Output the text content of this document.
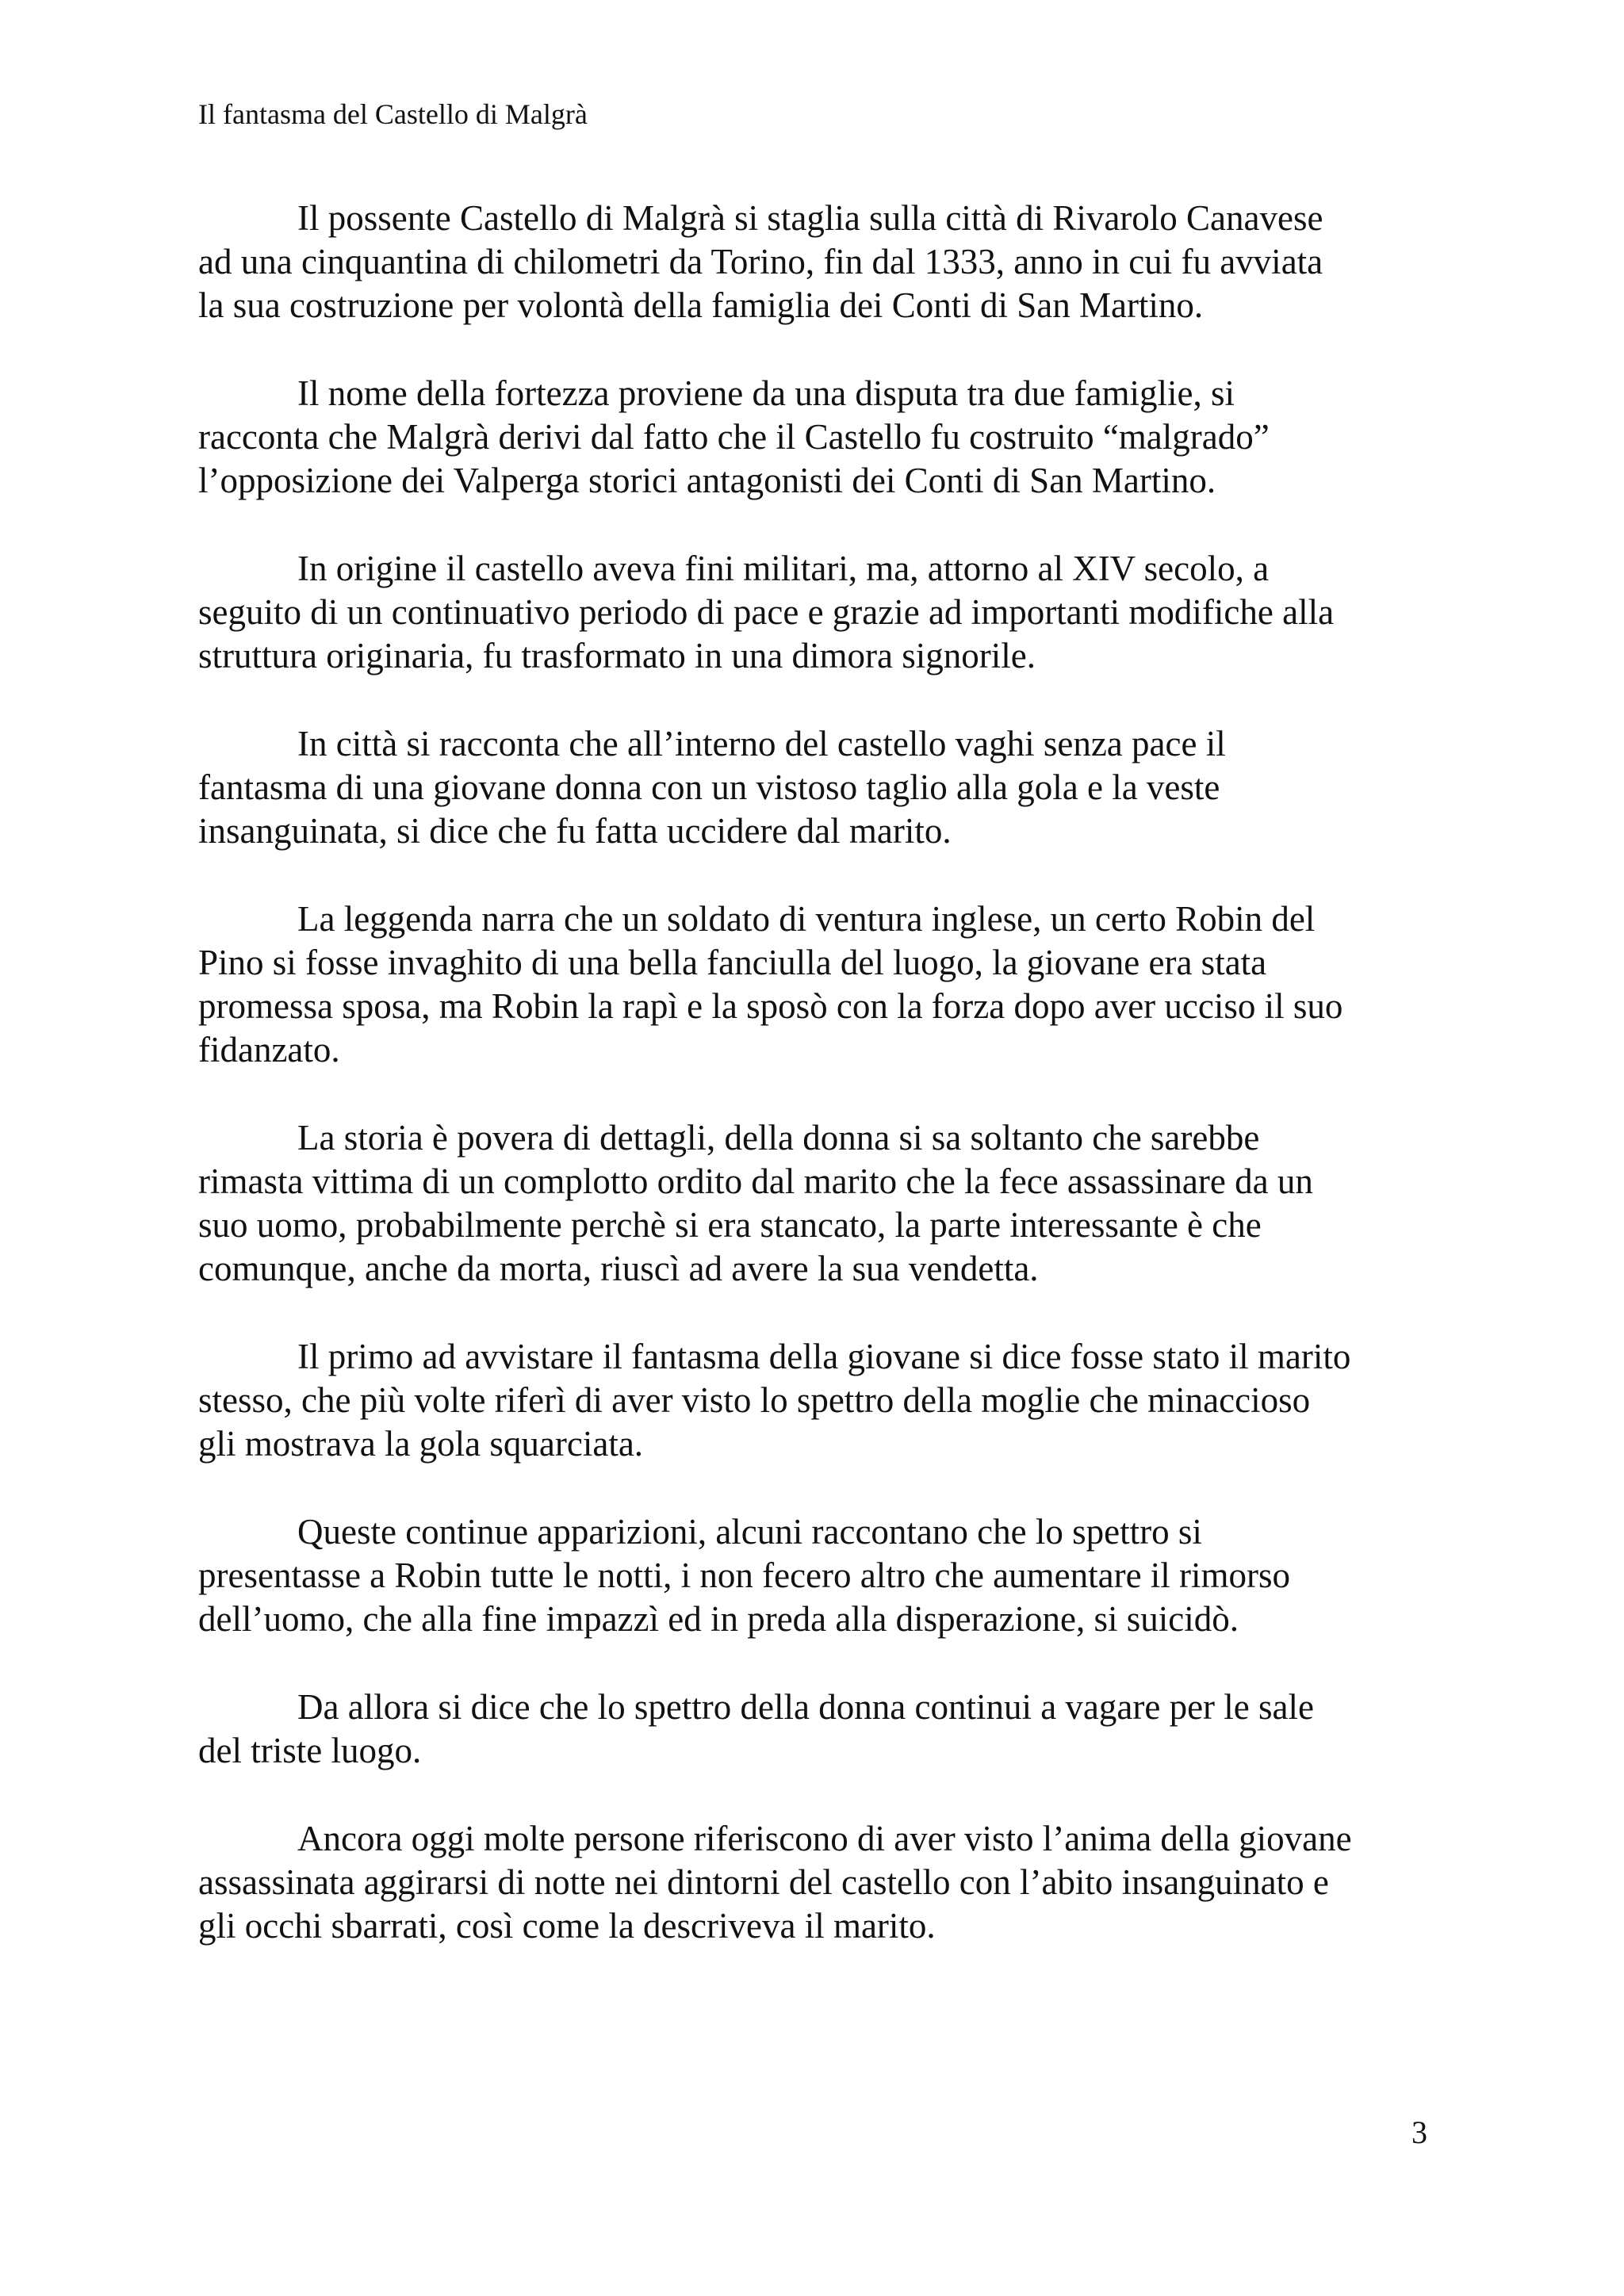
Il fantasma del Castello di Malgrà

Il possente Castello di Malgrà si staglia sulla città di Rivarolo Canavese
ad una cinquantina di chilometri da Torino, fin dal 1333, anno in cui fu avviata
la sua costruzione per volontà della famiglia dei Conti di San Martino.

Il nome della fortezza proviene da una disputa tra due famiglie, si
racconta che Malgrà derivi dal fatto che il Castello fu costruito “malgrado”
l’opposizione dei Valperga storici antagonisti dei Conti di San Martino.

In origine il castello aveva fini militari, ma, attorno al XIV secolo, a
seguito di un continuativo periodo di pace e grazie ad importanti modifiche alla
struttura originaria, fu trasformato in una dimora signorile.

In città si racconta che all’interno del castello vaghi senza pace il
fantasma di una giovane donna con un vistoso taglio alla gola e la veste
insanguinata, si dice che fu fatta uccidere dal marito.

La leggenda narra che un soldato di ventura inglese, un certo Robin del
Pino si fosse invaghito di una bella fanciulla del luogo, la giovane era stata
promessa sposa, ma Robin la rapì e la sposò con la forza dopo aver ucciso il suo
fidanzato.

La storia è povera di dettagli, della donna si sa soltanto che sarebbe
rimasta vittima di un complotto ordito dal marito che la fece assassinare da un
suo uomo, probabilmente perchè si era stancato, la parte interessante è che
comunque, anche da morta, riuscì ad avere la sua vendetta.

Il primo ad avvistare il fantasma della giovane si dice fosse stato il marito
stesso, che più volte riferì di aver visto lo spettro della moglie che minaccioso
gli mostrava la gola squarciata.

Queste continue apparizioni, alcuni raccontano che lo spettro si
presentasse a Robin tutte le notti, i non fecero altro che aumentare il rimorso
dell’uomo, che alla fine impazzì ed in preda alla disperazione, si suicidò.

Da allora si dice che lo spettro della donna continui a vagare per le sale
del triste luogo.

Ancora oggi molte persone riferiscono di aver visto l’anima della giovane
assassinata aggirarsi di notte nei dintorni del castello con l’abito insanguinato e
gli occhi sbarrati, così come la descriveva il marito.

3
